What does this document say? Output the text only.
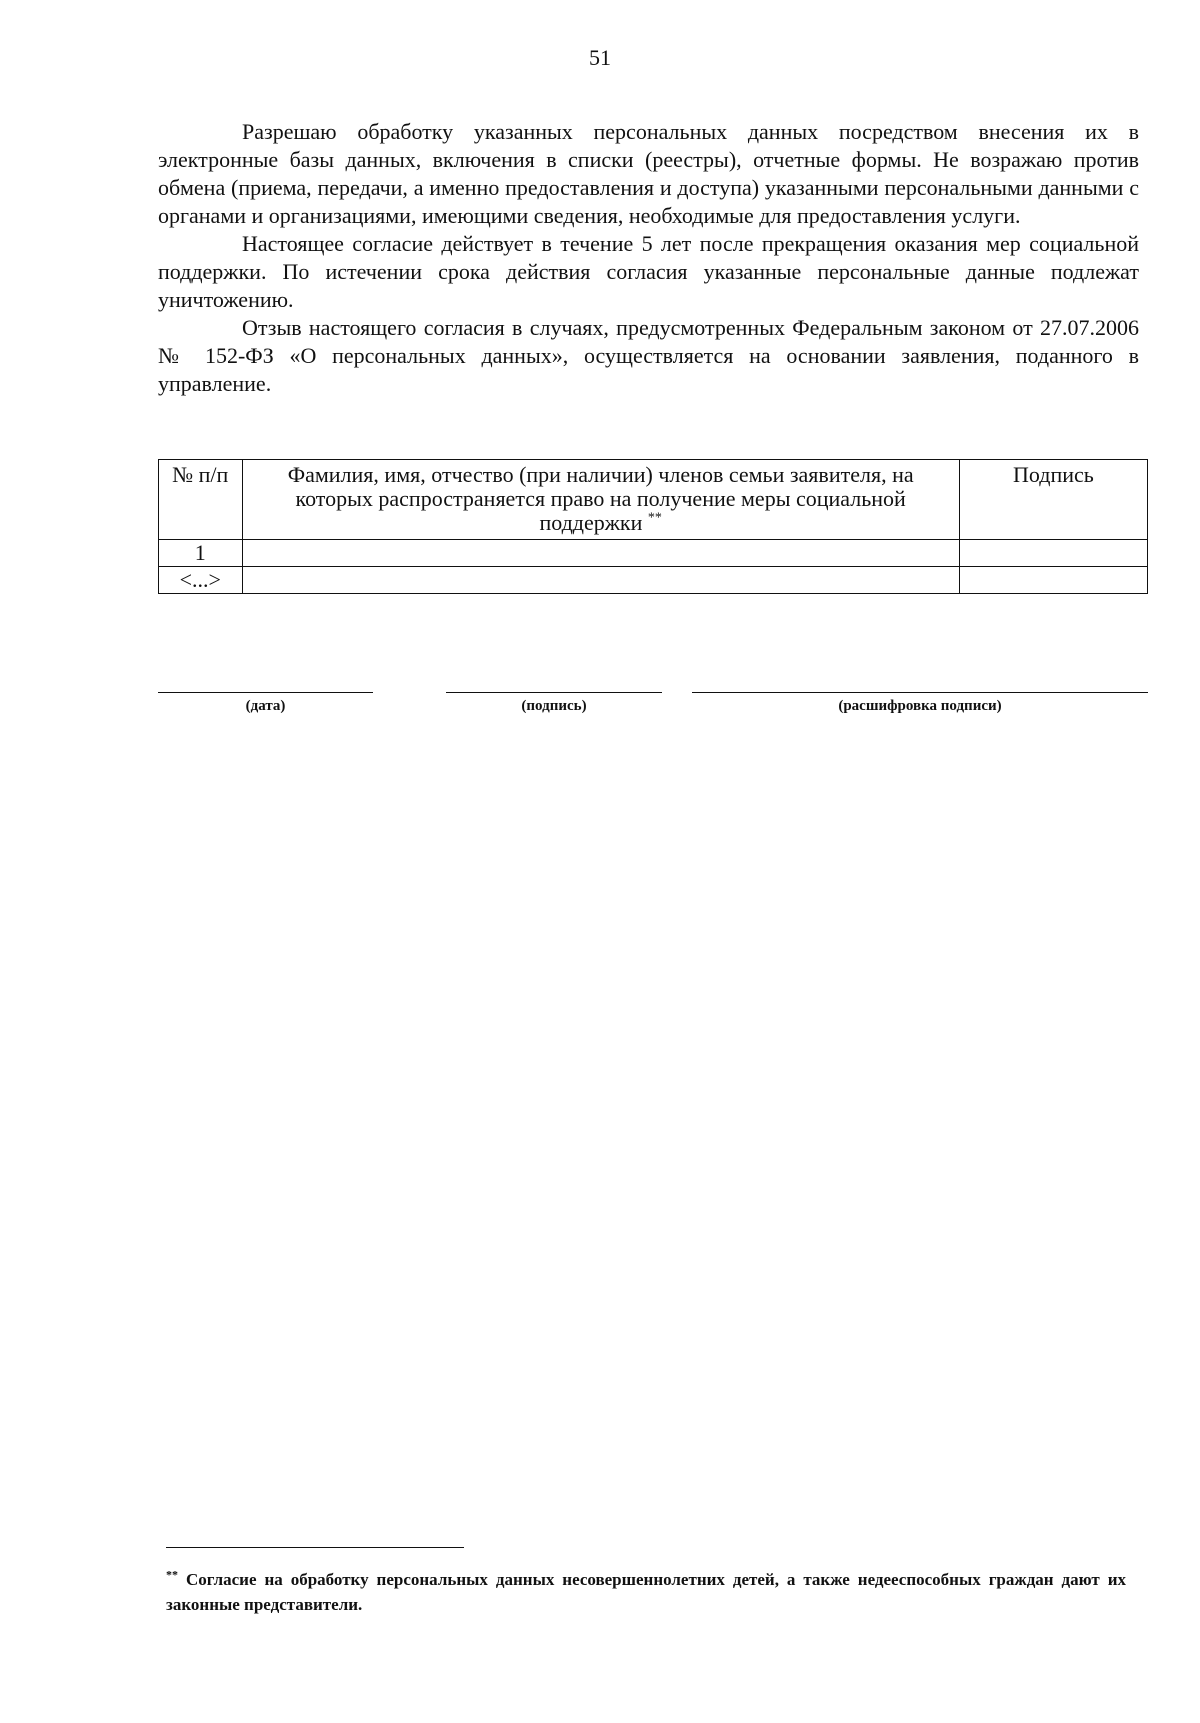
51

Разрешаю обработку указанных персональных данных посредством внесения их в электронные базы данных, включения в списки (реестры), отчетные формы. Не возражаю против обмена (приема, передачи, а именно предоставления и доступа) указанными персональными данными с органами и организациями, имеющими сведения, необходимые для предоставления услуги.

Настоящее согласие действует в течение 5 лет после прекращения оказания мер социальной поддержки. По истечении срока действия согласия указанные персональные данные подлежат уничтожению.

Отзыв настоящего согласия в случаях, предусмотренных Федеральным законом от 27.07.2006 № 152-ФЗ «О персональных данных», осуществляется на основании заявления, поданного в управление.

№ п/п	Фамилия, имя, отчество (при наличии) членов семьи заявителя, на которых распространяется право на получение меры социальной поддержки **	Подпись
1		
<...>		
(дата)	(подпись)	(расшифровка подписи)
** Согласие на обработку персональных данных несовершеннолетних детей, а также недееспособных граждан дают их законные представители.
